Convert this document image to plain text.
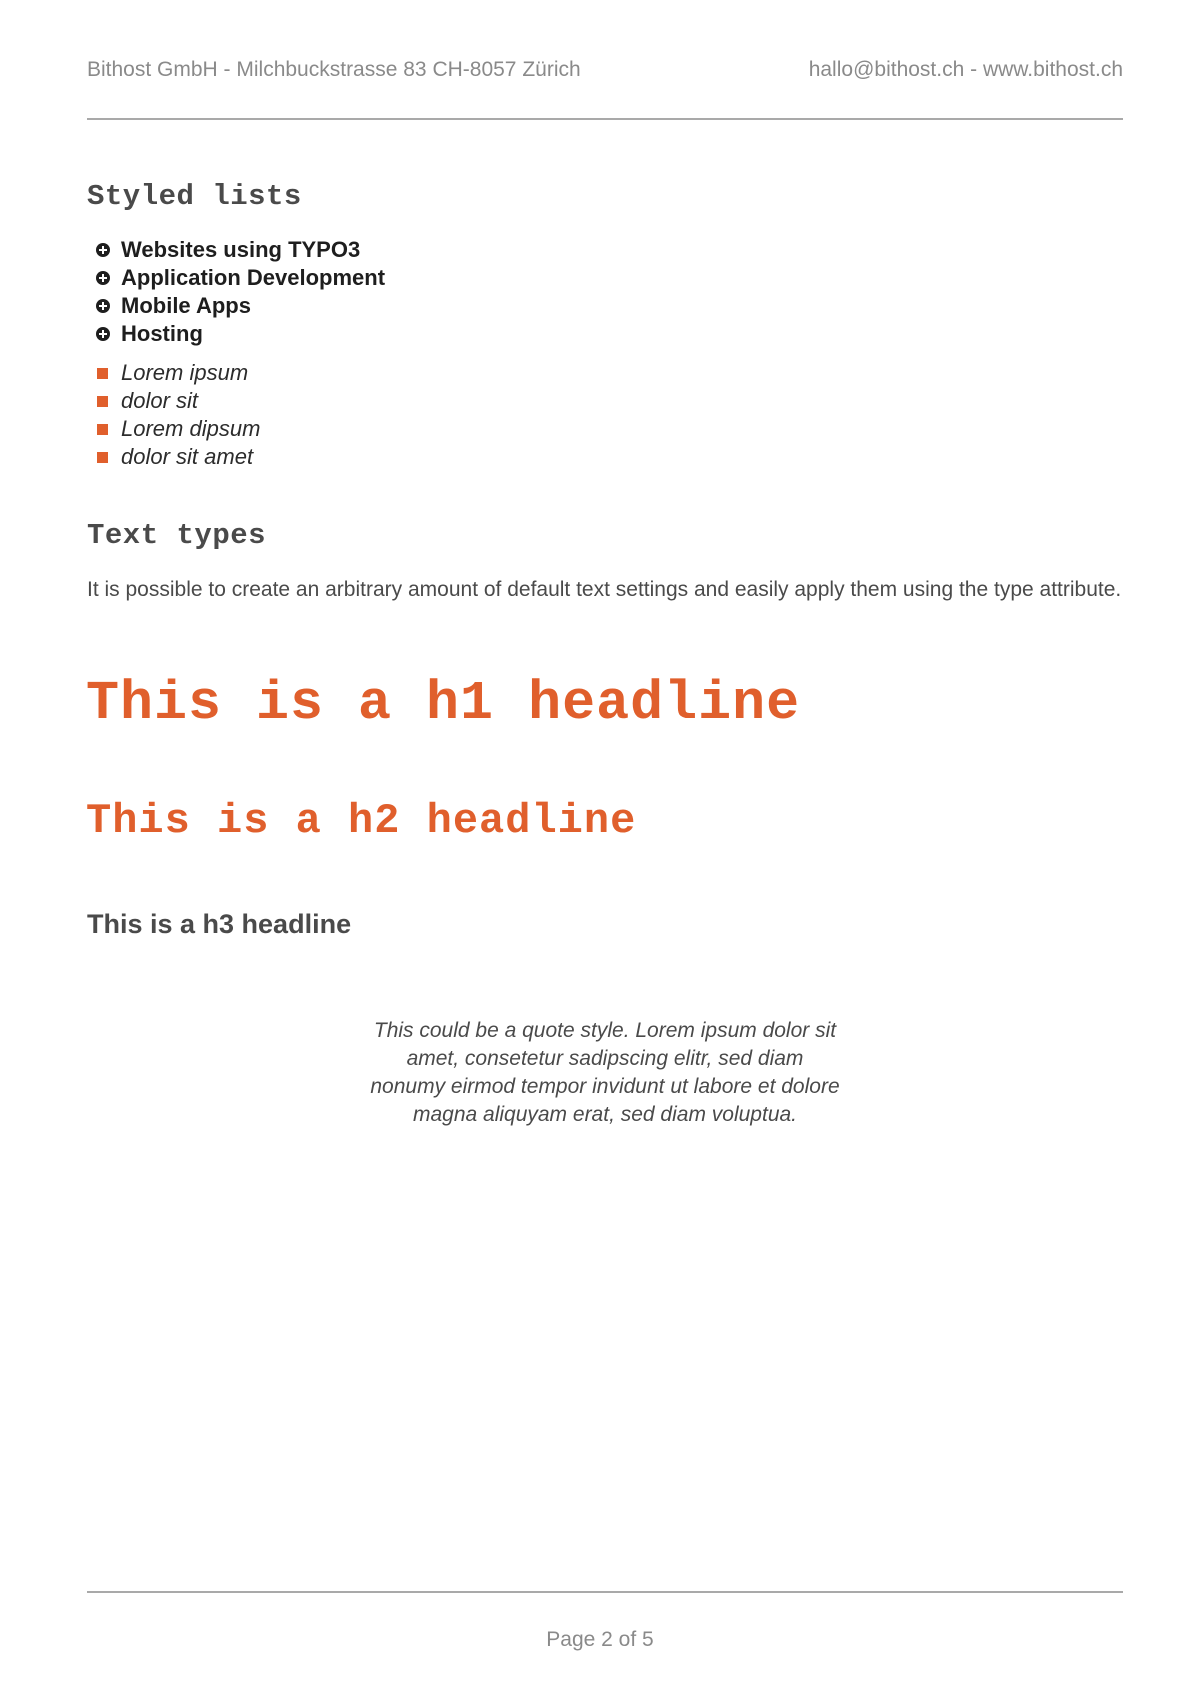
Bithost GmbH - Milchbuckstrasse 83 CH-8057 Zürich	hallo@bithost.ch - www.bithost.ch
Styled lists
Websites using TYPO3
Application Development
Mobile Apps
Hosting
Lorem ipsum
dolor sit
Lorem dipsum
dolor sit amet
Text types

It is possible to create an arbitrary amount of default text settings and easily apply them using the type attribute.

This is a h1 headline
This is a h2 headline
This is a h3 headline

This could be a quote style. Lorem ipsum dolor sit amet, consetetur sadipscing elitr, sed diam nonumy eirmod tempor invidunt ut labore et dolore magna aliquyam erat, sed diam voluptua.

Page 2 of 5
